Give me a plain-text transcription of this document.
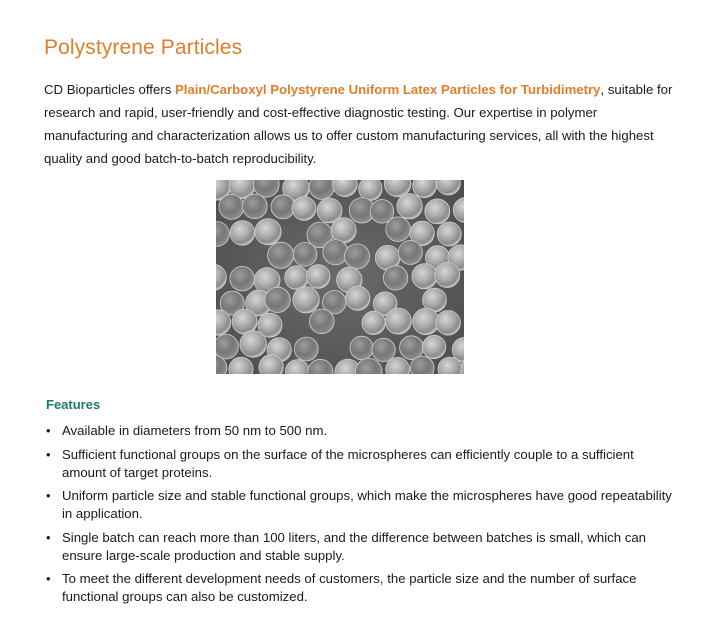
Polystyrene Particles

CD Bioparticles offers Plain/Carboxyl Polystyrene Uniform Latex Particles for Turbidimetry, suitable for research and rapid, user-friendly and cost-effective diagnostic testing. Our expertise in polymer manufacturing and characterization allows us to offer custom manufacturing services, all with the highest quality and good batch-to-batch reproducibility.

Features
• Available in diameters from 50 nm to 500 nm.
• Sufficient functional groups on the surface of the microspheres can efficiently couple to a sufficient amount of target proteins.
• Uniform particle size and stable functional groups, which make the microspheres have good repeatability in application.
• Single batch can reach more than 100 liters, and the difference between batches is small, which can ensure large-scale production and stable supply.
• To meet the different development needs of customers, the particle size and the number of surface functional groups can also be customized.
